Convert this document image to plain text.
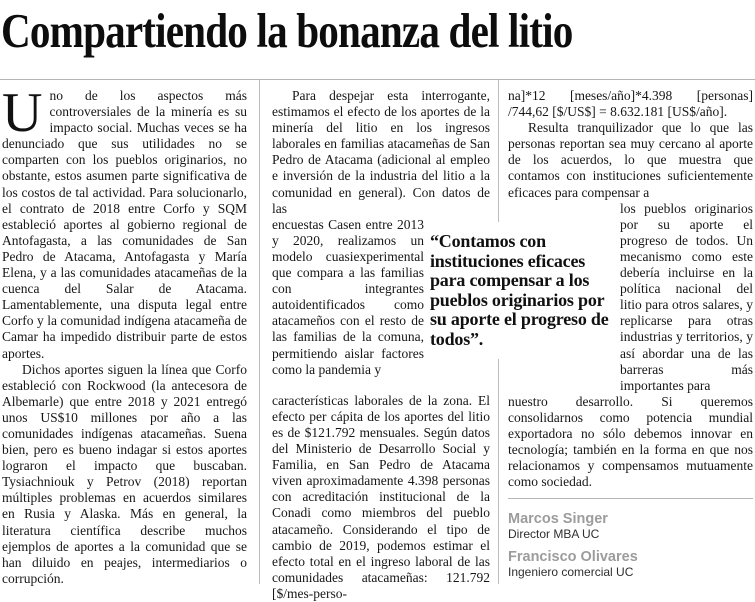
Compartiendo la bonanza del litio

Uno de los aspectos más controversiales de la minería es su impacto social. Muchas veces se ha denunciado que sus utilidades no se comparten con los pueblos originarios, no obstante, estos asumen parte significativa de los costos de tal actividad. Para solucionarlo, el contrato de 2018 entre Corfo y SQM estableció aportes al gobierno regional de Antofagasta, a las comunidades de San Pedro de Atacama, Antofagasta y María Elena, y a las comunidades atacameñas de la cuenca del Salar de Atacama. Lamentablemente, una disputa legal entre Corfo y la comunidad indígena atacameña de Camar ha impedido distribuir parte de estos aportes.

Dichos aportes siguen la línea que Corfo estableció con Rockwood (la antecesora de Albemarle) que entre 2018 y 2021 entregó unos US$10 millones por año a las comunidades indígenas atacameñas. Suena bien, pero es bueno indagar si estos aportes lograron el impacto que buscaban. Tysiachniouk y Petrov (2018) reportan múltiples problemas en acuerdos similares en Rusia y Alaska. Más en general, la literatura científica describe muchos ejemplos de aportes a la comunidad que se han diluido en peajes, intermediarios o corrupción.

Para despejar esta interrogante, estimamos el efecto de los aportes de la minería del litio en los ingresos laborales en familias atacameñas de San Pedro de Atacama (adicional al empleo e inversión de la industria del litio a la comunidad en general). Con datos de las

encuestas Casen entre 2013 y 2020, realizamos un modelo cuasiexperimental que compara a las familias con integrantes autoidentificados como atacameños con el resto de las familias de la comuna, permitiendo aislar factores como la pandemia y
características laborales de la zona. El efecto per cápita de los aportes del litio es de $121.792 mensuales. Según datos del Ministerio de Desarrollo Social y Familia, en San Pedro de Atacama viven aproximadamente 4.398 personas con acreditación institucional de la Conadi como miembros del pueblo atacameño. Considerando el tipo de cambio de 2019, podemos estimar el efecto total en el ingreso laboral de las comunidades atacameñas: 121.792 [$/mes-perso-

na]*12 [meses/año]*4.398 [personas] /744,62 [$/US$] = 8.632.181 [US$/año].

Resulta tranquilizador que lo que las personas reportan sea muy cercano al aporte de los acuerdos, lo que muestra que contamos con instituciones suficientemente eficaces para compensar a

los pueblos originarios por su aporte el progreso de todos. Un mecanismo como este debería incluirse en la política nacional del litio para otros salares, y replicarse para otras industrias y territorios, y así abordar una de las barreras más importantes para
nuestro desarrollo. Si queremos consolidarnos como potencia mundial exportadora no sólo debemos innovar en tecnología; también en la forma en que nos relacionamos y compensamos mutuamente como sociedad.
Marcos Singer
Director MBA UC
Francisco Olivares
Ingeniero comercial UC
“Contamos con instituciones eficaces para compensar a los pueblos originarios por su aporte el progreso de todos”.
